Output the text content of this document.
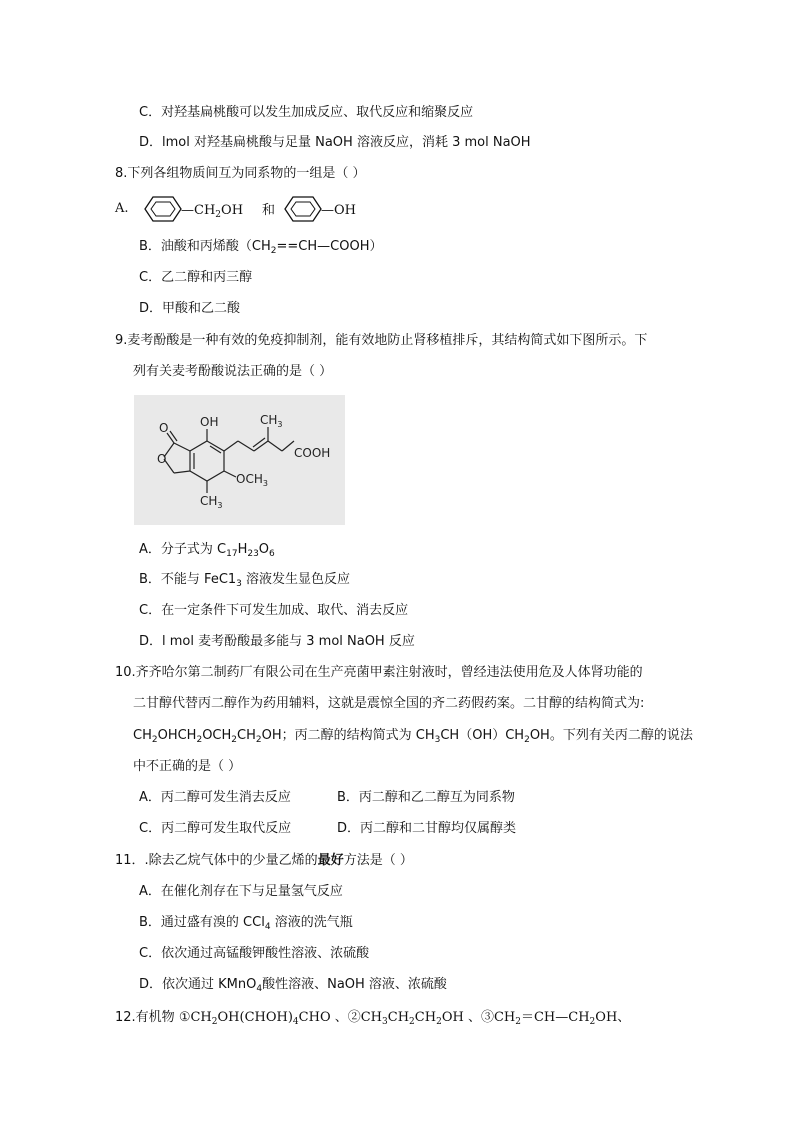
C．对羟基扁桃酸可以发生加成反应、取代反应和缩聚反应
D．lmol 对羟基扁桃酸与足量 NaOH 溶液反应，消耗 3 mol NaOH
8.下列各组物质间互为同系物的一组是（ ）
A.	$—CH_2OH$ 和	—OH
B．油酸和丙烯酸$(CH_2==CH—COOH)$
C．乙二醇和丙三醇
D．甲酸和乙二酸
9.麦考酚酸是一种有效的免疫抑制剂，能有效地防止肾移植排斥，其结构简式如下图所示。下
列有关麦考酚酸说法正确的是（ ）
OH
O
O
$CH_3$
COOH
$OCH_3$
$CH_3$
A．分子式为 $C_{17}H_{23}O_6$
B．不能与 $FeC1_3$ 溶液发生显色反应
C．在一定条件下可发生加成、取代、消去反应
D．l mol 麦考酚酸最多能与 3 mol NaOH 反应
10.齐齐哈尔第二制药厂有限公司在生产亮菌甲素注射液时，曾经违法使用危及人体肾功能的
二甘醇代替丙二醇作为药用辅料，这就是震惊全国的齐二药假药案。二甘醇的结构简式为:
$CH_2OHCH_2OCH_2CH_2OH$；丙二醇的结构简式为 $CH_3CH(OH)CH_2OH$。下列有关丙二醇的说法
中不正确的是（ ）
A．丙二醇可发生消去反应	B．丙二醇和乙二醇互为同系物
C．丙二醇可发生取代反应	D．丙二醇和二甘醇均仅属醇类
11．.除去乙烷气体中的少量乙烯的最好方法是（ ）
A．在催化剂存在下与足量氢气反应
B．通过盛有溴的 CCl$_4$ 溶液的洗气瓶
C．依次通过高锰酸钾酸性溶液、浓硫酸
D．依次通过 KMnO$_4$酸性溶液、NaOH 溶液、浓硫酸
12.有机物 $①CH_2OH(CHOH)_4CHO$ 、$②CH_3CH_2CH_2OH$ 、$③CH_2=CH—CH_2OH$、
